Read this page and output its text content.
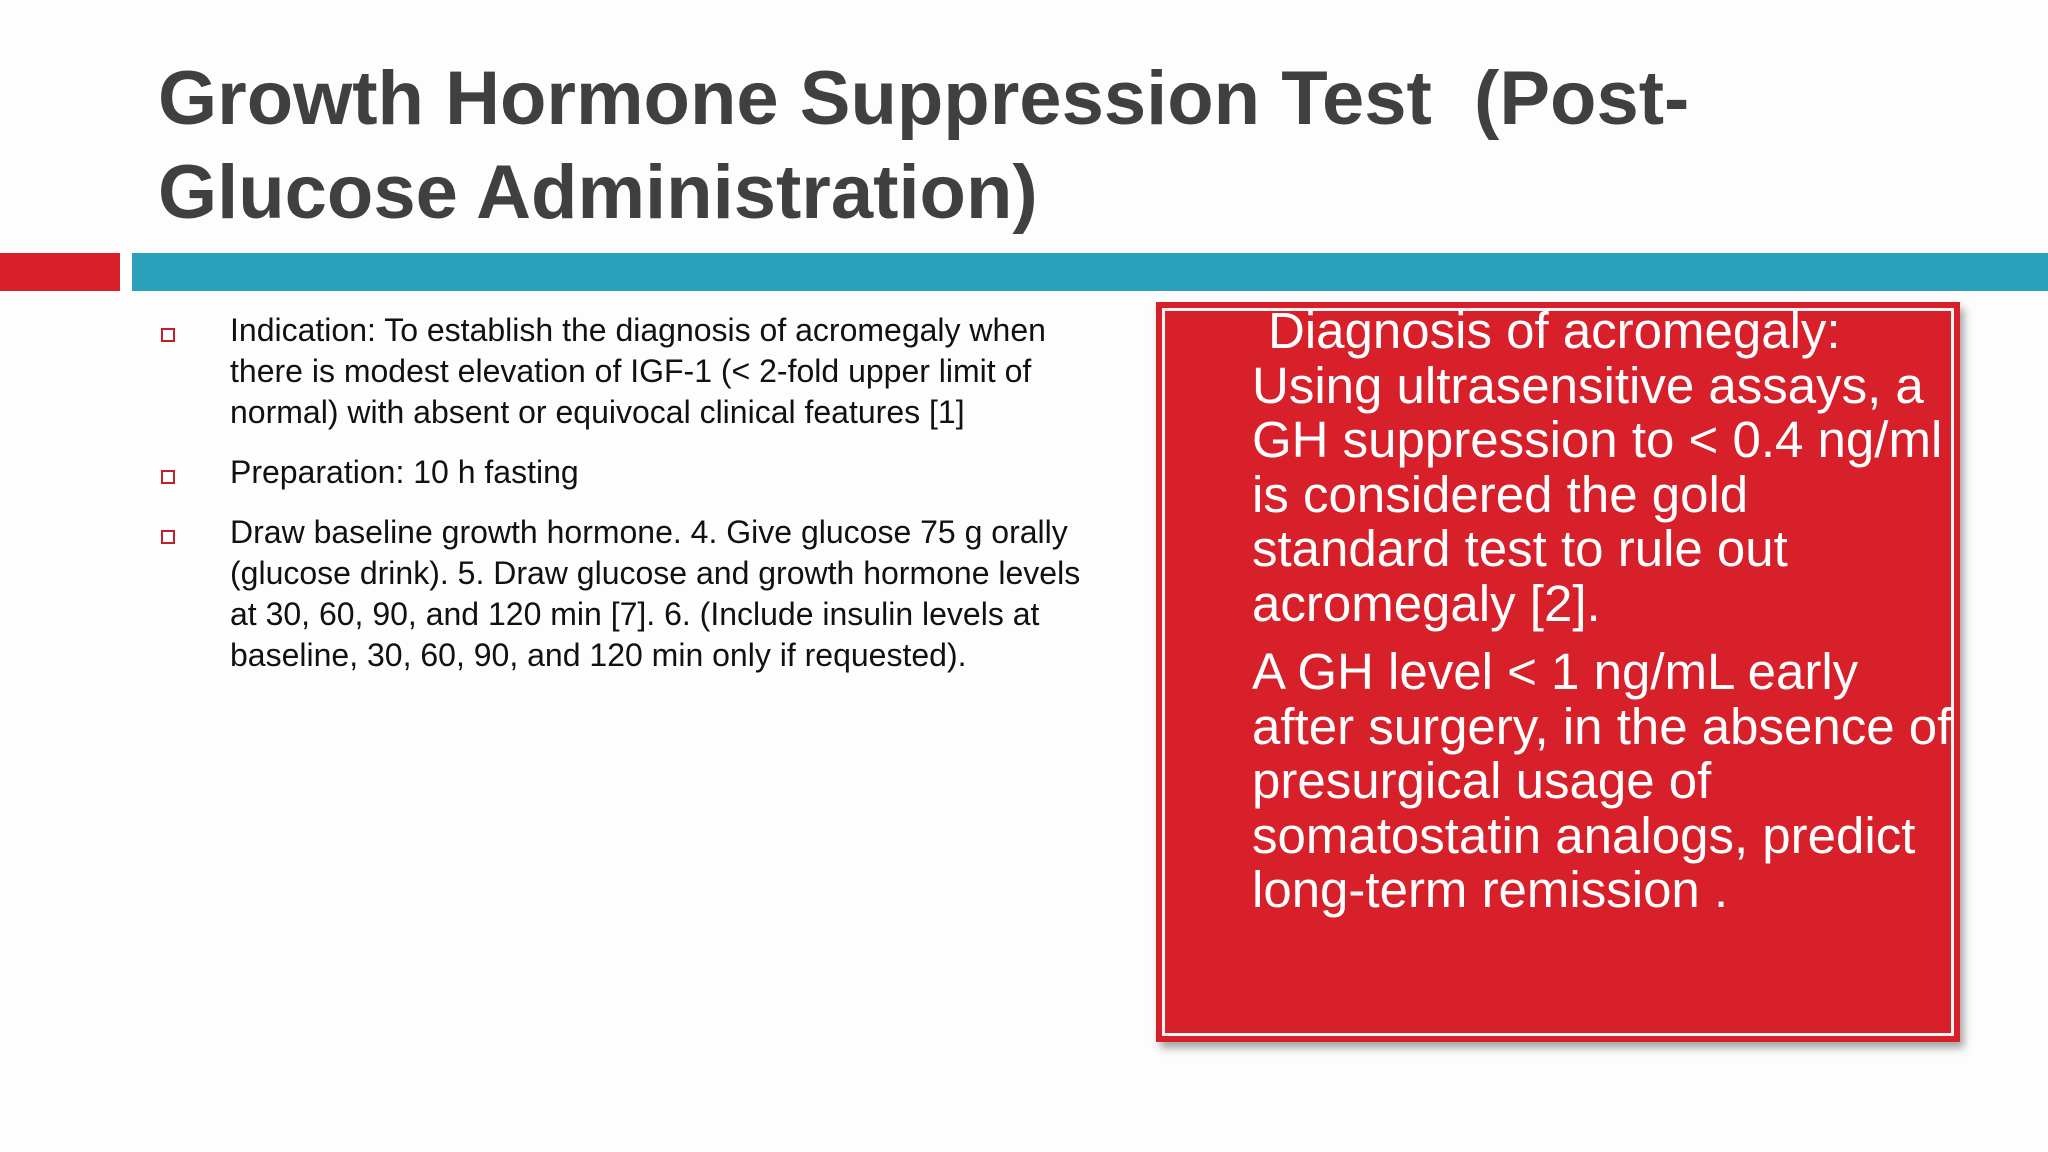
Growth Hormone Suppression Test  (Post-
Glucose Administration)
Indication: To establish the diagnosis of acromegaly when there is modest elevation of IGF-1 (< 2-fold upper limit of normal) with absent or equivocal clinical features [1]
Preparation: 10 h fasting
Draw baseline growth hormone. 4. Give glucose 75 g orally (glucose drink). 5. Draw glucose and growth hormone levels at 30, 60, 90, and 120 min [7]. 6. (Include insulin levels at baseline, 30, 60, 90, and 120 min only if requested).

Diagnosis of acromegaly: Using ultrasensitive assays, a GH suppression to < 0.4 ng/ml is considered the gold standard test to rule out acromegaly [2].

A GH level < 1 ng/mL early after surgery, in the absence of presurgical usage of somatostatin analogs, predict long-term remission .
